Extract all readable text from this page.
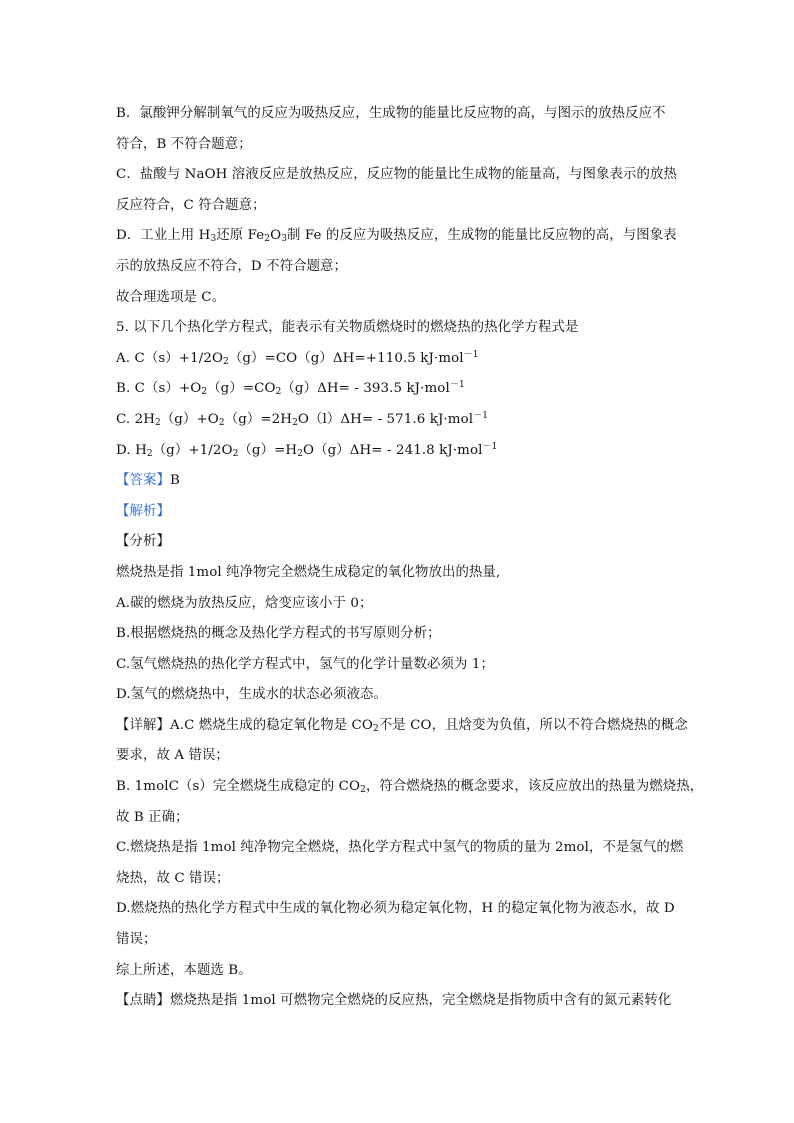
B．氯酸钾分解制氧气的反应为吸热反应，生成物的能量比反应物的高，与图示的放热反应不
符合，B 不符合题意；
C．盐酸与 NaOH 溶液反应是放热反应，反应物的能量比生成物的能量高，与图象表示的放热
反应符合，C 符合题意；
D．工业上用 $H_3$还原 $Fe_2O_3$制 Fe 的反应为吸热反应，生成物的能量比反应物的高，与图象表
示的放热反应不符合，D 不符合题意；
故合理选项是 C。
5. 以下几个热化学方程式，能表示有关物质燃烧时的燃烧热的热化学方程式是
A. $C(s)+1/2O_2(g)=CO(g)\Delta H=+110.5$ kJ·mol$^{-1}$
B. $C(s)+O_2(g)=CO_2(g)\Delta H= - 393.5$ kJ·mol$^{-1}$
C. $2H_2(g)+O_2(g)=2H_2O(l)\Delta H= - 571.6$ kJ·mol$^{-1}$
D. $H_2(g)+1/2O_2(g)=H_2O(g)\Delta H= - 241.8$ kJ·mol$^{-1}$
【答案】B
【解析】
【分析】
燃烧热是指 1mol 纯净物完全燃烧生成稳定的氧化物放出的热量,
A.碳的燃烧为放热反应，焓变应该小于 0；
B.根据燃烧热的概念及热化学方程式的书写原则分析；
C.氢气燃烧热的热化学方程式中，氢气的化学计量数必须为 1；
D.氢气的燃烧热中，生成水的状态必须液态。
【详解】A.C 燃烧生成的稳定氧化物是 $CO_2$不是 CO，且焓变为负值，所以不符合燃烧热的概念
要求，故 A 错误；
B. 1molC（s）完全燃烧生成稳定的 $CO_2$，符合燃烧热的概念要求，该反应放出的热量为燃烧热，
故 B 正确；
C.燃烧热是指 1mol 纯净物完全燃烧，热化学方程式中氢气的物质的量为 2mol，不是氢气的燃
烧热，故 C 错误；
D.燃烧热的热化学方程式中生成的氧化物必须为稳定氧化物，H 的稳定氧化物为液态水，故 D
错误；
综上所述，本题选 B。
【点睛】燃烧热是指 1mol 可燃物完全燃烧的反应热，完全燃烧是指物质中含有的氮元素转化
